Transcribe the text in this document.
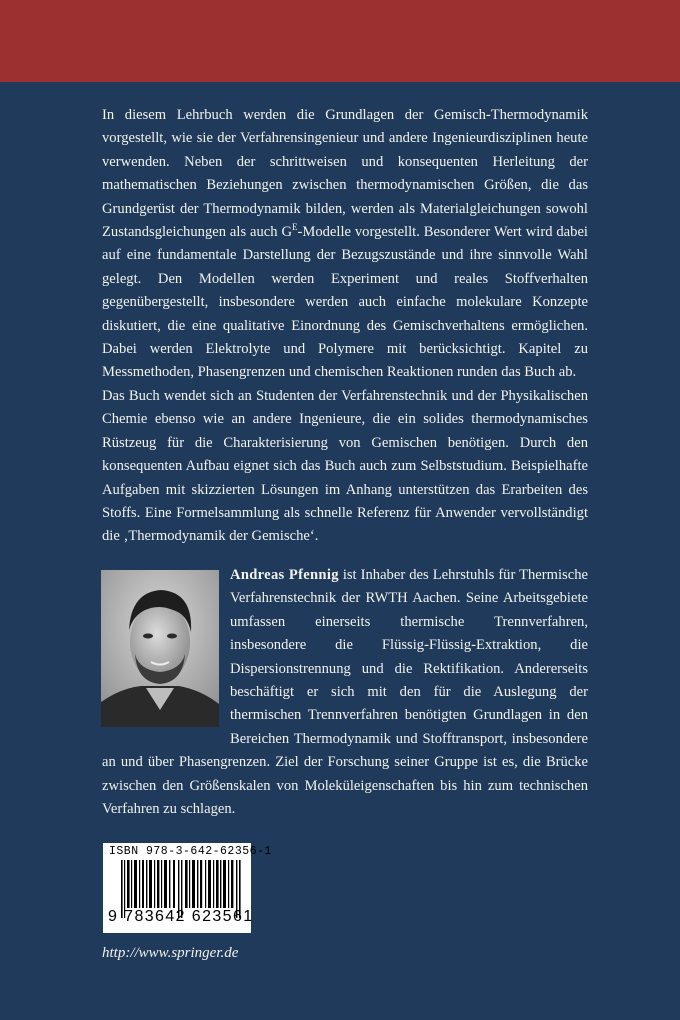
In diesem Lehrbuch werden die Grundlagen der Gemisch-Thermodynamik vorgestellt, wie sie der Verfahrensingenieur und andere Ingenieurdisziplinen heute verwenden. Neben der schrittweisen und konsequenten Herleitung der mathematischen Beziehungen zwischen thermodynamischen Größen, die das Grundgerüst der Thermodynamik bilden, werden als Materialgleichungen sowohl Zustandsgleichungen als auch $G^E$-Modelle vorgestellt. Besonderer Wert wird dabei auf eine fundamentale Darstellung der Bezugszustände und ihre sinnvolle Wahl gelegt. Den Modellen werden Experiment und reales Stoffverhalten gegenübergestellt, insbesondere werden auch einfache molekulare Konzepte diskutiert, die eine qualitative Einordnung des Gemischverhaltens ermöglichen. Dabei werden Elektrolyte und Polymere mit berücksichtigt. Kapitel zu Messmethoden, Phasengrenzen und chemischen Reaktionen runden das Buch ab.

Das Buch wendet sich an Studenten der Verfahrenstechnik und der Physikalischen Chemie ebenso wie an andere Ingenieure, die ein solides thermodynamisches Rüstzeug für die Charakterisierung von Gemischen benötigen. Durch den konsequenten Aufbau eignet sich das Buch auch zum Selbststudium. Beispielhafte Aufgaben mit skizzierten Lösungen im Anhang unterstützen das Erarbeiten des Stoffs. Eine Formelsammlung als schnelle Referenz für Anwender vervollständigt die ‚Thermodynamik der Gemische‘.

Andreas Pfennig ist Inhaber des Lehrstuhls für Thermische Verfahrenstechnik der RWTH Aachen. Seine Arbeitsgebiete umfassen einerseits thermische Trennverfahren, insbesondere die Flüssig-Flüssig-Extraktion, die Dispersionstrennung und die Rektifikation. Andererseits beschäftigt er sich mit den für die Auslegung der thermischen Trennverfahren benötigten Grundlagen in den Bereichen Thermodynamik und Stofftransport, insbesondere an und über Phasengrenzen. Ziel der Forschung seiner Gruppe ist es, die Brücke zwischen den Größenskalen von Moleküleigenschaften bis hin zum technischen Verfahren zu schlagen.
ISBN 978-3-642-62356-1
9 783642 623561
http://www.springer.de
